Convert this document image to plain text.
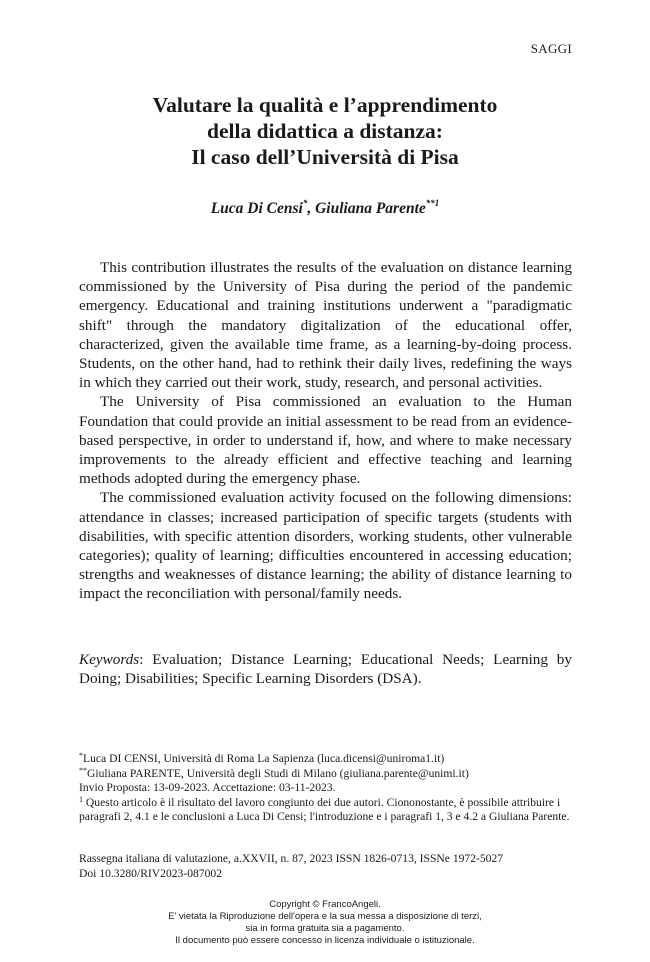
SAGGI
Valutare la qualità e l’apprendimento
della didattica a distanza:
Il caso dell’Università di Pisa
Luca Di Censi*, Giuliana Parente$^{**1}$

This contribution illustrates the results of the evaluation on distance learning commissioned by the University of Pisa during the period of the pandemic emergency. Educational and training institutions underwent a "paradigmatic shift" through the mandatory digitalization of the educational offer, characterized, given the available time frame, as a learning-by-doing process. Students, on the other hand, had to rethink their daily lives, redefining the ways in which they carried out their work, study, research, and personal activities.

The University of Pisa commissioned an evaluation to the Human Foundation that could provide an initial assessment to be read from an evidence-based perspective, in order to understand if, how, and where to make necessary improvements to the already efficient and effective teaching and learning methods adopted during the emergency phase.

The commissioned evaluation activity focused on the following dimensions: attendance in classes; increased participation of specific targets (students with disabilities, with specific attention disorders, working students, other vulnerable categories); quality of learning; difficulties encountered in accessing education; strengths and weaknesses of distance learning; the ability of distance learning to impact the reconciliation with personal/family needs.

Keywords: Evaluation; Distance Learning; Educational Needs; Learning by Doing; Disabilities; Specific Learning Disorders (DSA).
*Luca DI CENSI, Università di Roma La Sapienza (luca.dicensi@uniroma1.it)
**Giuliana PARENTE, Università degli Studi di Milano (giuliana.parente@unimi.it)
Invio Proposta: 13-09-2023. Accettazione: 03-11-2023.
$^1$ Questo articolo è il risultato del lavoro congiunto dei due autori. Ciononostante, è possibile attribuire i paragrafi 2, 4.1 e le conclusioni a Luca Di Censi; l'introduzione e i paragrafi 1, 3 e 4.2 a Giuliana Parente.
Rassegna italiana di valutazione, a.XXVII, n. 87, 2023 ISSN 1826-0713, ISSNe 1972-5027
Doi 10.3280/RIV2023-087002
Copyright © FrancoAngeli.
E’ vietata la Riproduzione dell'opera e la sua messa a disposizione di terzi,
sia in forma gratuita sia a pagamento.
Il documento può essere concesso in licenza individuale o istituzionale.
